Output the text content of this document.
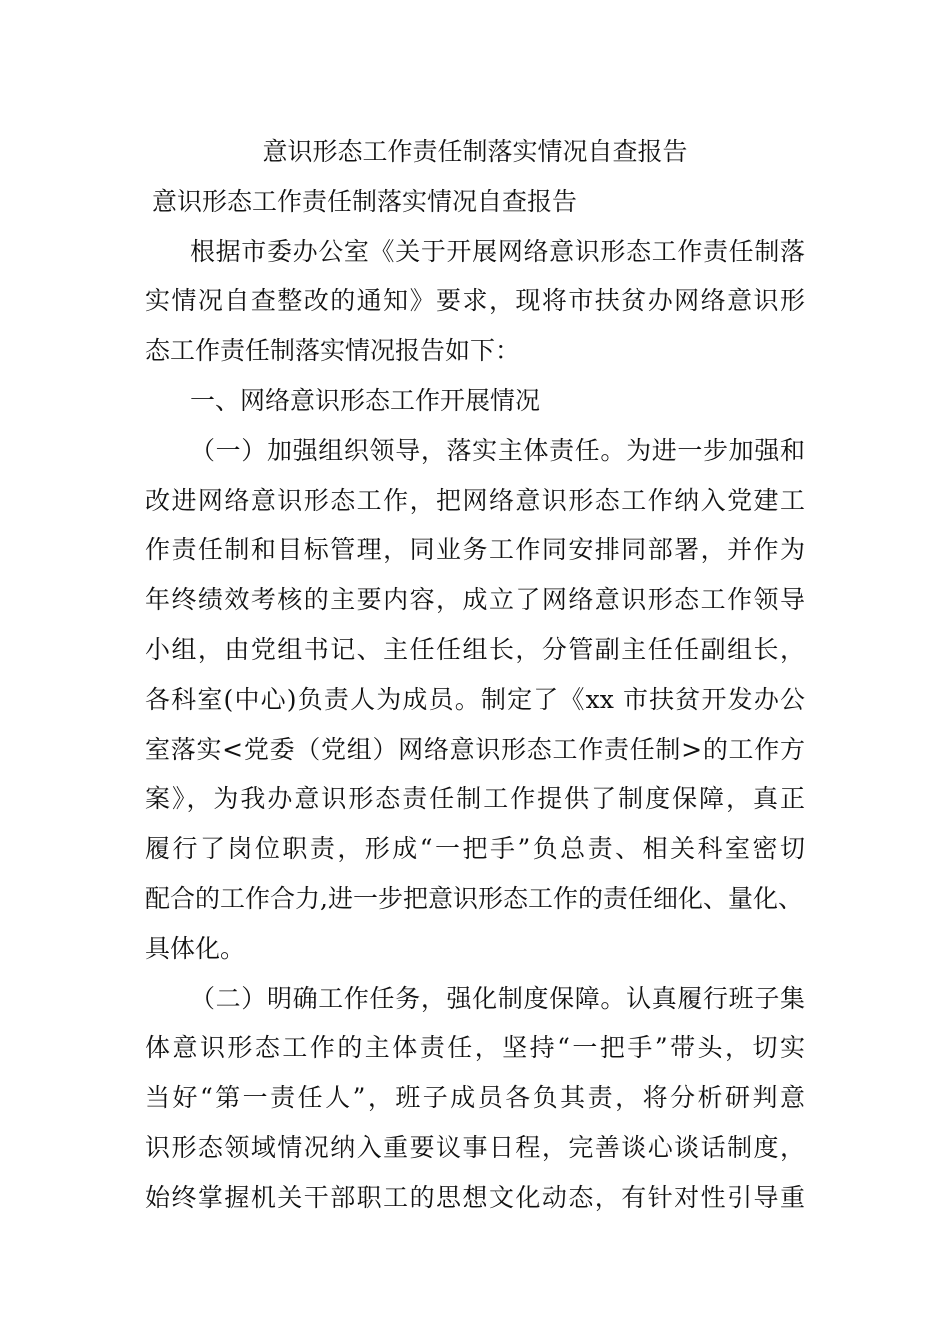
意识形态工作责任制落实情况自查报告
意识形态工作责任制落实情况自查报告
根据市委办公室《关于开展网络意识形态工作责任制落
实情况自查整改的通知》要求，现将市扶贫办网络意识形
态工作责任制落实情况报告如下：
一、网络意识形态工作开展情况
（一）加强组织领导，落实主体责任。为进一步加强和
改进网络意识形态工作，把网络意识形态工作纳入党建工
作责任制和目标管理，同业务工作同安排同部署，并作为
年终绩效考核的主要内容，成立了网络意识形态工作领导
小组，由党组书记、主任任组长，分管副主任任副组长，
各科室(中心)负责人为成员。制定了《xx 市扶贫开发办公
室落实<党委（党组）网络意识形态工作责任制>的工作方
案》，为我办意识形态责任制工作提供了制度保障，真正
履行了岗位职责，形成“一把手”负总责、相关科室密切
配合的工作合力,进一步把意识形态工作的责任细化、量化、
具体化。
（二）明确工作任务，强化制度保障。认真履行班子集
体意识形态工作的主体责任，坚持“一把手”带头，切实
当好“第一责任人”，班子成员各负其责，将分析研判意
识形态领域情况纳入重要议事日程，完善谈心谈话制度，
始终掌握机关干部职工的思想文化动态，有针对性引导重
